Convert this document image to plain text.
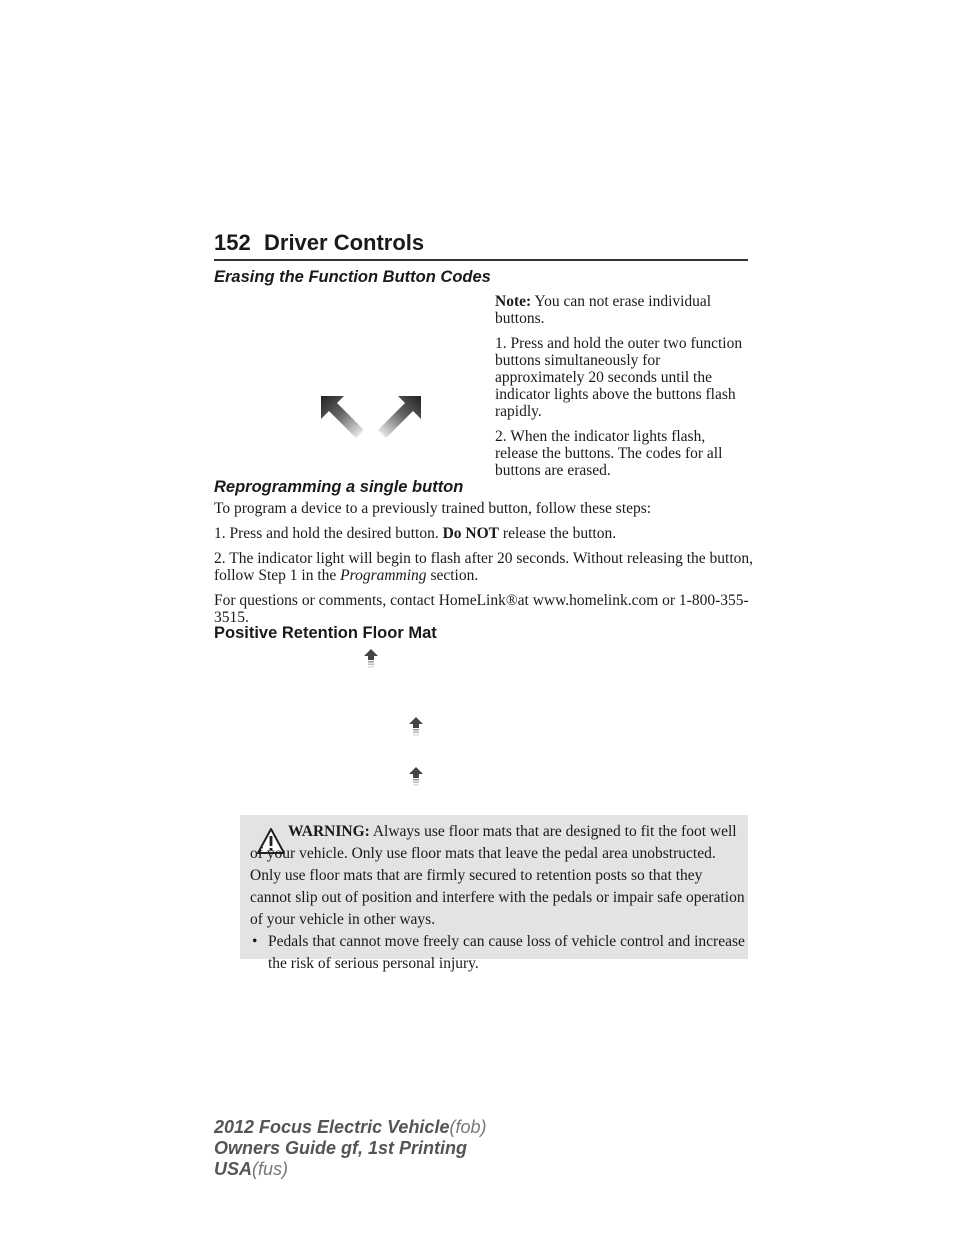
152 Driver Controls
Erasing the Function Button Codes

Note: You can not erase individual buttons.

1. Press and hold the outer two function buttons simultaneously for approximately 20 seconds until the indicator lights above the buttons flash rapidly.

2. When the indicator lights flash, release the buttons. The codes for all buttons are erased.

Reprogramming a single button

To program a device to a previously trained button, follow these steps:

1. Press and hold the desired button. Do NOT release the button.

2. The indicator light will begin to flash after 20 seconds. Without releasing the button, follow Step 1 in the Programming section.

For questions or comments, contact HomeLink®at www.homelink.com or 1-800-355-3515.

Positive Retention Floor Mat

WARNING: Always use floor mats that are designed to fit the foot well of your vehicle. Only use floor mats that leave the pedal area unobstructed. Only use floor mats that are firmly secured to retention posts so that they cannot slip out of position and interfere with the pedals or impair safe operation of your vehicle in other ways.

• Pedals that cannot move freely can cause loss of vehicle control and increase the risk of serious personal injury.
2012 Focus Electric Vehicle(fob)
Owners Guide gf, 1st Printing
USA(fus)
